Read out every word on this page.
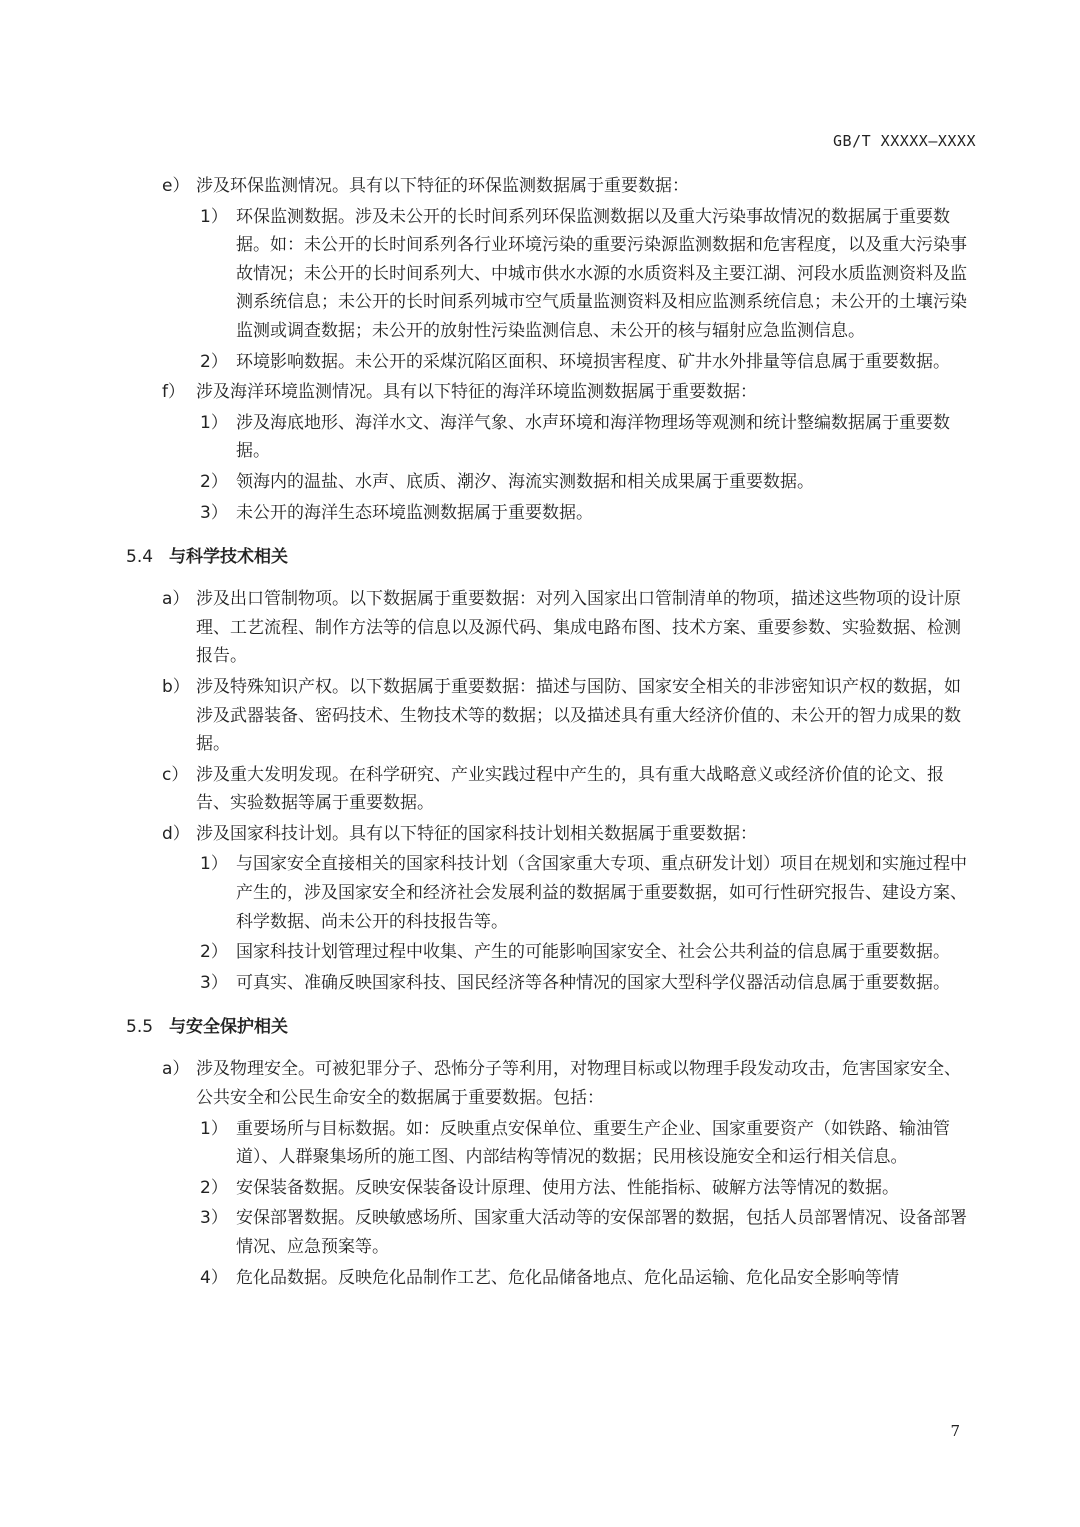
GB/T XXXXX—XXXX
e） 涉及环保监测情况。具有以下特征的环保监测数据属于重要数据：
1） 环保监测数据。涉及未公开的长时间系列环保监测数据以及重大污染事故情况的数据属于重要数据。如：未公开的长时间系列各行业环境污染的重要污染源监测数据和危害程度，以及重大污染事故情况；未公开的长时间系列大、中城市供水水源的水质资料及主要江湖、河段水质监测资料及监测系统信息；未公开的长时间系列城市空气质量监测资料及相应监测系统信息；未公开的土壤污染监测或调查数据；未公开的放射性污染监测信息、未公开的核与辐射应急监测信息。
2） 环境影响数据。未公开的采煤沉陷区面积、环境损害程度、矿井水外排量等信息属于重要数据。
f） 涉及海洋环境监测情况。具有以下特征的海洋环境监测数据属于重要数据：
1） 涉及海底地形、海洋水文、海洋气象、水声环境和海洋物理场等观测和统计整编数据属于重要数据。
2） 领海内的温盐、水声、底质、潮汐、海流实测数据和相关成果属于重要数据。
3） 未公开的海洋生态环境监测数据属于重要数据。
5.4 与科学技术相关
a） 涉及出口管制物项。以下数据属于重要数据：对列入国家出口管制清单的物项，描述这些物项的设计原理、工艺流程、制作方法等的信息以及源代码、集成电路布图、技术方案、重要参数、实验数据、检测报告。
b） 涉及特殊知识产权。以下数据属于重要数据：描述与国防、国家安全相关的非涉密知识产权的数据，如涉及武器装备、密码技术、生物技术等的数据；以及描述具有重大经济价值的、未公开的智力成果的数据。
c） 涉及重大发明发现。在科学研究、产业实践过程中产生的，具有重大战略意义或经济价值的论文、报告、实验数据等属于重要数据。
d） 涉及国家科技计划。具有以下特征的国家科技计划相关数据属于重要数据：
1） 与国家安全直接相关的国家科技计划（含国家重大专项、重点研发计划）项目在规划和实施过程中产生的，涉及国家安全和经济社会发展利益的数据属于重要数据，如可行性研究报告、建设方案、科学数据、尚未公开的科技报告等。
2） 国家科技计划管理过程中收集、产生的可能影响国家安全、社会公共利益的信息属于重要数据。
3） 可真实、准确反映国家科技、国民经济等各种情况的国家大型科学仪器活动信息属于重要数据。
5.5 与安全保护相关
a） 涉及物理安全。可被犯罪分子、恐怖分子等利用，对物理目标或以物理手段发动攻击，危害国家安全、公共安全和公民生命安全的数据属于重要数据。包括：
1） 重要场所与目标数据。如：反映重点安保单位、重要生产企业、国家重要资产（如铁路、输油管道）、人群聚集场所的施工图、内部结构等情况的数据；民用核设施安全和运行相关信息。
2） 安保装备数据。反映安保装备设计原理、使用方法、性能指标、破解方法等情况的数据。
3） 安保部署数据。反映敏感场所、国家重大活动等的安保部署的数据，包括人员部署情况、设备部署情况、应急预案等。
4） 危化品数据。反映危化品制作工艺、危化品储备地点、危化品运输、危化品安全影响等情
7
